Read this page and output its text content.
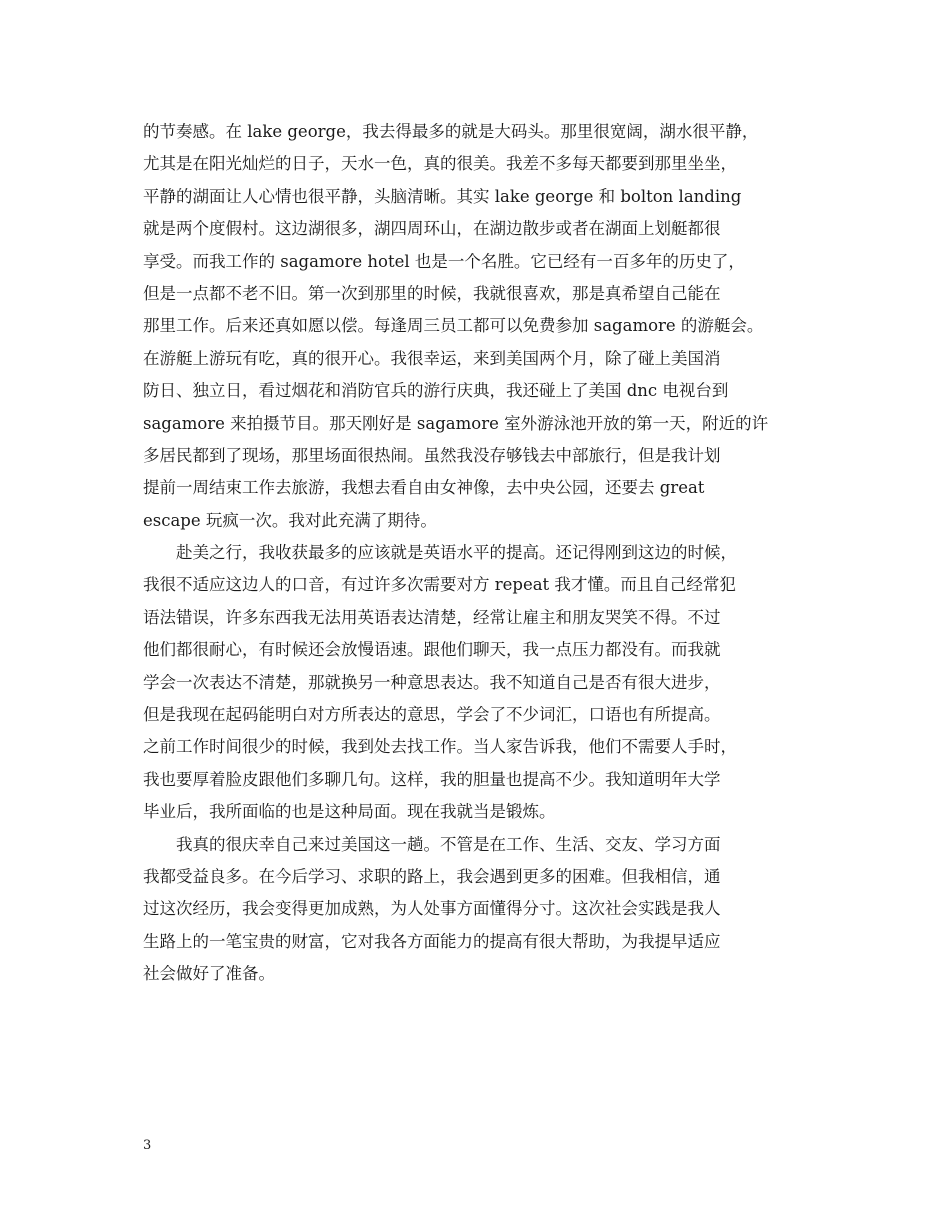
的节奏感。在 lake george，我去得最多的就是大码头。那里很宽阔，湖水很平静，
尤其是在阳光灿烂的日子，天水一色，真的很美。我差不多每天都要到那里坐坐，
平静的湖面让人心情也很平静，头脑清晰。其实 lake george 和 bolton landing
就是两个度假村。这边湖很多，湖四周环山，在湖边散步或者在湖面上划艇都很
享受。而我工作的 sagamore hotel 也是一个名胜。它已经有一百多年的历史了，
但是一点都不老不旧。第一次到那里的时候，我就很喜欢，那是真希望自己能在
那里工作。后来还真如愿以偿。每逢周三员工都可以免费参加 sagamore 的游艇会。
在游艇上游玩有吃，真的很开心。我很幸运，来到美国两个月，除了碰上美国消
防日、独立日，看过烟花和消防官兵的游行庆典，我还碰上了美国 dnc 电视台到
sagamore 来拍摄节目。那天刚好是 sagamore 室外游泳池开放的第一天，附近的许
多居民都到了现场，那里场面很热闹。虽然我没存够钱去中部旅行，但是我计划
提前一周结束工作去旅游，我想去看自由女神像，去中央公园，还要去 great
escape 玩疯一次。我对此充满了期待。
赴美之行，我收获最多的应该就是英语水平的提高。还记得刚到这边的时候，
我很不适应这边人的口音，有过许多次需要对方 repeat 我才懂。而且自己经常犯
语法错误，许多东西我无法用英语表达清楚，经常让雇主和朋友哭笑不得。不过
他们都很耐心，有时候还会放慢语速。跟他们聊天，我一点压力都没有。而我就
学会一次表达不清楚，那就换另一种意思表达。我不知道自己是否有很大进步，
但是我现在起码能明白对方所表达的意思，学会了不少词汇，口语也有所提高。
之前工作时间很少的时候，我到处去找工作。当人家告诉我，他们不需要人手时，
我也要厚着脸皮跟他们多聊几句。这样，我的胆量也提高不少。我知道明年大学
毕业后，我所面临的也是这种局面。现在我就当是锻炼。
我真的很庆幸自己来过美国这一趟。不管是在工作、生活、交友、学习方面
我都受益良多。在今后学习、求职的路上，我会遇到更多的困难。但我相信，通
过这次经历，我会变得更加成熟，为人处事方面懂得分寸。这次社会实践是我人
生路上的一笔宝贵的财富，它对我各方面能力的提高有很大帮助，为我提早适应
社会做好了准备。
3
